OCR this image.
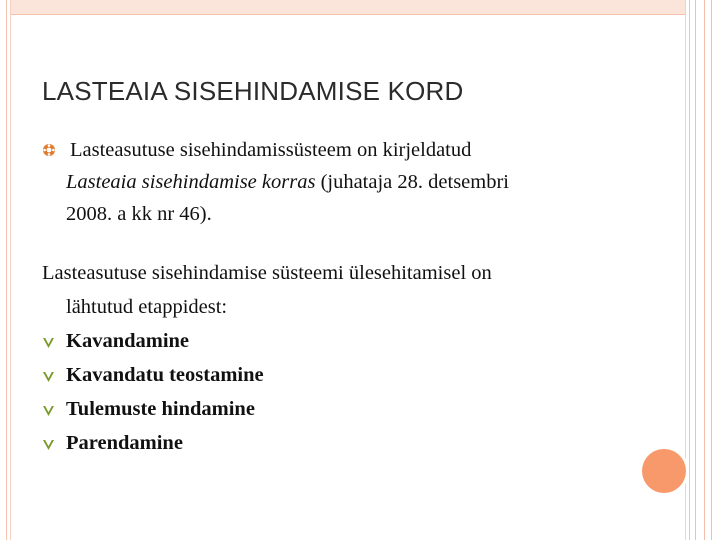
LASTEAIA SISEHINDAMISE KORD
Lasteasutuse sisehindamissüsteem on kirjeldatud
Lasteaia sisehindamise korras (juhataja 28. detsembri
2008. a kk nr 46).
Lasteasutuse sisehindamise süsteemi ülesehitamisel on
lähtutud etappidest:
Kavandamine
Kavandatu teostamine
Tulemuste hindamine
Parendamine
